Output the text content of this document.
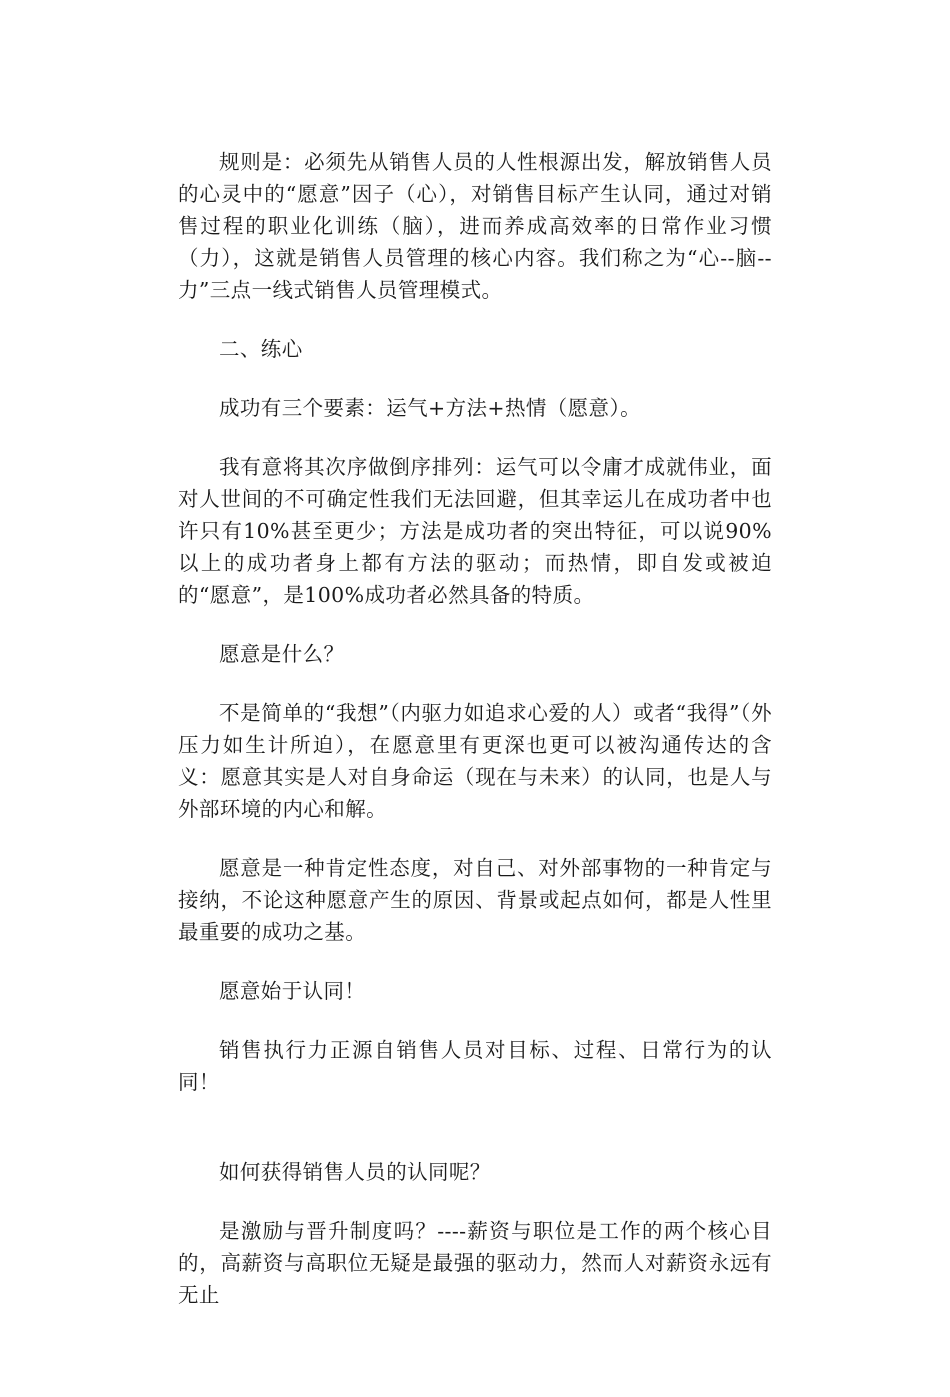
规则是：必须先从销售人员的人性根源出发，解放销售人员的心灵中的“愿意”因子（心），对销售目标产生认同，通过对销售过程的职业化训练（脑），进而养成高效率的日常作业习惯（力），这就是销售人员管理的核心内容。我们称之为“心--脑--力”三点一线式销售人员管理模式。

二、练心

成功有三个要素：运气+方法+热情（愿意）。

我有意将其次序做倒序排列：运气可以令庸才成就伟业，面对人世间的不可确定性我们无法回避，但其幸运儿在成功者中也许只有10%甚至更少；方法是成功者的突出特征，可以说90%以上的成功者身上都有方法的驱动；而热情，即自发或被迫的“愿意”，是100%成功者必然具备的特质。

愿意是什么？

不是简单的“我想”（内驱力如追求心爱的人）或者“我得”（外压力如生计所迫），在愿意里有更深也更可以被沟通传达的含义：愿意其实是人对自身命运（现在与未来）的认同，也是人与外部环境的内心和解。

愿意是一种肯定性态度，对自己、对外部事物的一种肯定与接纳，不论这种愿意产生的原因、背景或起点如何，都是人性里最重要的成功之基。

愿意始于认同！

销售执行力正源自销售人员对目标、过程、日常行为的认同！

如何获得销售人员的认同呢？

是激励与晋升制度吗？----薪资与职位是工作的两个核心目的，高薪资与高职位无疑是最强的驱动力，然而人对薪资永远有无止
